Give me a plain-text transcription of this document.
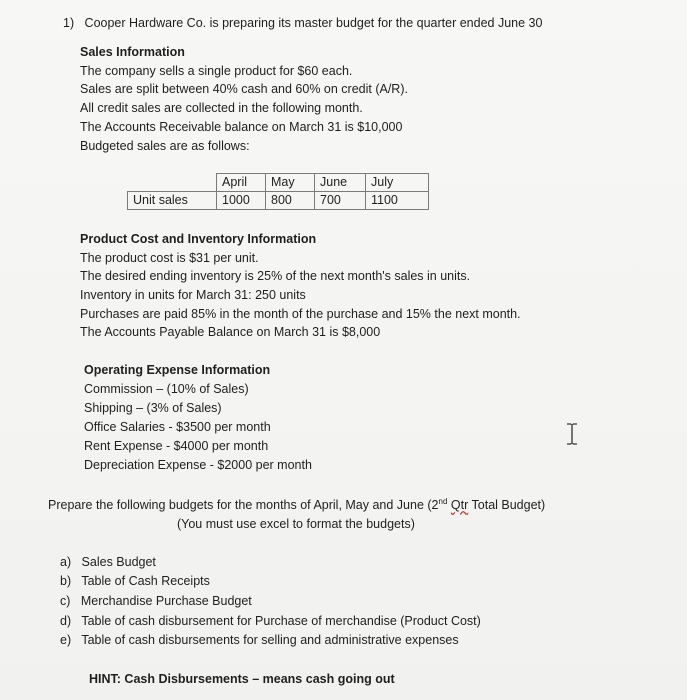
1) Cooper Hardware Co. is preparing its master budget for the quarter ended June 30
Sales Information
The company sells a single product for $60 each.
Sales are split between 40% cash and 60% on credit (A/R).
All credit sales are collected in the following month.
The Accounts Receivable balance on March 31 is $10,000
Budgeted sales are as follows:
	April	May	June	July
Unit sales	1000	800	700	1100
Product Cost and Inventory Information
The product cost is $31 per unit.
The desired ending inventory is 25% of the next month's sales in units.
Inventory in units for March 31: 250 units
Purchases are paid 85% in the month of the purchase and 15% the next month.
The Accounts Payable Balance on March 31 is $8,000
Operating Expense Information
Commission – (10% of Sales)
Shipping – (3% of Sales)
Office Salaries - $3500 per month
Rent Expense - $4000 per month
Depreciation Expense - $2000 per month
Prepare the following budgets for the months of April, May and June (2nd Qtr Total Budget)
(You must use excel to format the budgets)
a) Sales Budget
b) Table of Cash Receipts
c) Merchandise Purchase Budget
d) Table of cash disbursement for Purchase of merchandise (Product Cost)
e) Table of cash disbursements for selling and administrative expenses
HINT: Cash Disbursements – means cash going out
